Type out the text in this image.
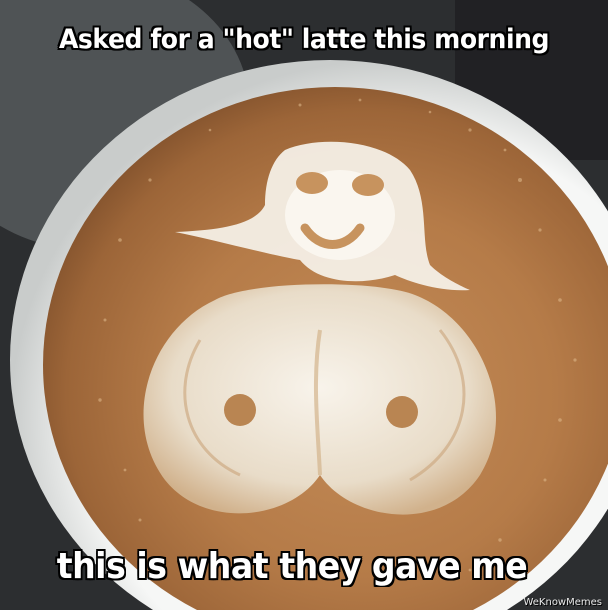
Asked for a "hot" latte this morning
this is what they gave me
WeKnowMemes
